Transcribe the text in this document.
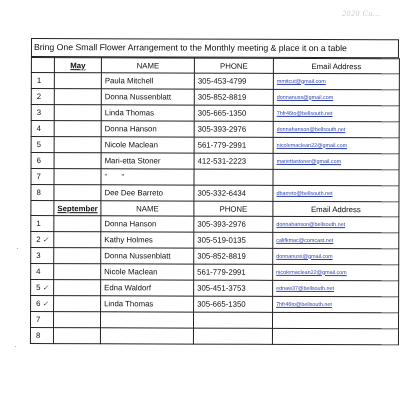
2020 Cu...
Bring One Small Flower Arrangement to the Monthly meeting & place it on a table
	May	NAME	PHONE	Email Address
1		Paula Mitchell	305-453-4799	mmitcut@gmail.com
2		Donna Nussenblatt	305-852-8819	donnanuss@gmail.com
3		Linda Thomas	305-665-1350	7hfr46to@bellsouth.net
4		Donna Hanson	305-393-2976	donnahanson@bellsouth.net
5		Nicole Maclean	561-779-2991	nicolemaclean22@gmail.com
6		Mari-etta Stoner	412-531-2223	mariettastoner@gmail.com
7		" "		
8		Dee Dee Barreto	305-332-6434	dbarreto@bellsouth.net
	September	NAME	PHONE	Email Address
1		Donna Hanson	305-393-2976	donnahanson@bellsouth.net
2 ✓		Kathy Holmes	305-519-0135	califkmac@comcast.net
3		Donna Nussenblatt	305-852-8819	donnanuss@gmail.com
4		Nicole Maclean	561-779-2991	nicolemaclean22@gmail.com
5 ✓		Edna Waldorf	305-451-3753	ednaw37@bellsouth.net
6 ✓		Linda Thomas	305-665-1350	7hfr46to@bellsouth.net
7				
8				
·
·
